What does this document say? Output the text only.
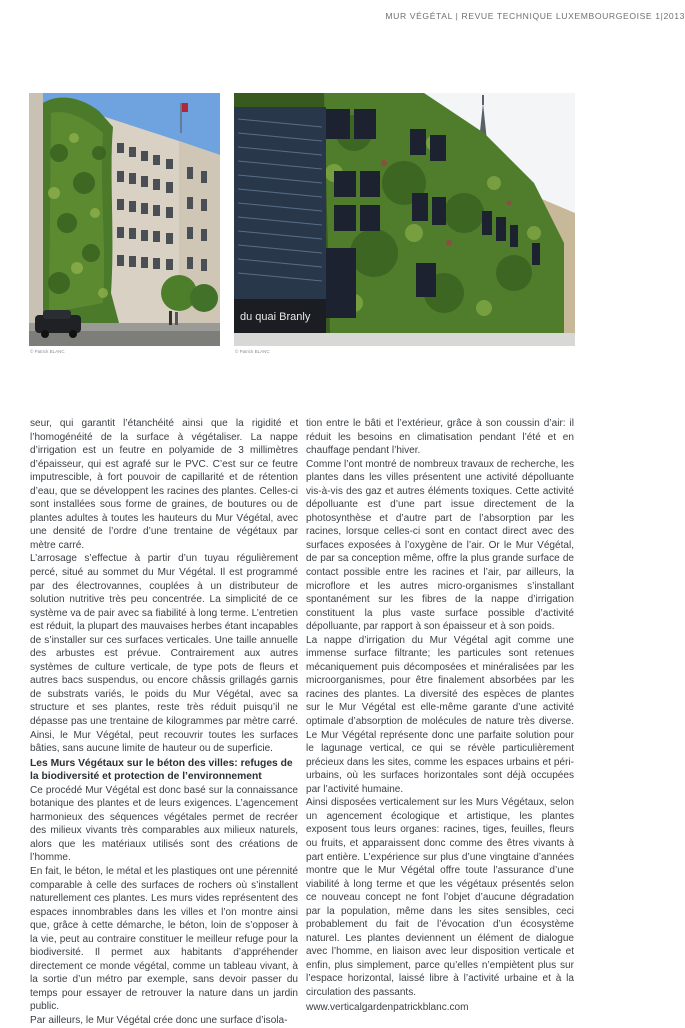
MUR VÉGÉTAL | REVUE TECHNIQUE LUXEMBOURGEOISE 1|2013
© Patrick BLANC
du quai Branly
© Patrick BLANC

seur, qui garantit l’étanchéité ainsi que la rigidité et l’homogénéité de la surface à végétaliser. La nappe d’irrigation est un feutre en polyamide de 3 millimètres d’épaisseur, qui est agrafé sur le PVC. C’est sur ce feutre imputrescible, à fort pouvoir de capillarité et de rétention d’eau, que se développent les racines des plantes. Celles-ci sont installées sous forme de graines, de boutures ou de plantes adultes à toutes les hauteurs du Mur Végétal, avec une densité de l’ordre d’une trentaine de végétaux par mètre carré.

L’arrosage s’effectue à partir d’un tuyau régulièrement percé, situé au sommet du Mur Végétal. Il est programmé par des électrovannes, couplées à un distributeur de solution nutritive très peu concentrée. La simplicité de ce système va de pair avec sa fiabilité à long terme. L’entretien est réduit, la plupart des mauvaises herbes étant incapables de s’installer sur ces surfaces verticales. Une taille annuelle des arbustes est prévue. Contrairement aux autres systèmes de culture verticale, de type pots de fleurs et autres bacs suspendus, ou encore châssis grillagés garnis de substrats variés, le poids du Mur Végétal, avec sa structure et ses plantes, reste très réduit puisqu’il ne dépasse pas une trentaine de kilogrammes par mètre carré. Ainsi, le Mur Végétal, peut recouvrir toutes les surfaces bâties, sans aucune limite de hauteur ou de superficie.

Les Murs Végétaux sur le béton des villes: refuges de la biodiversité et protection de l’environnement

Ce procédé Mur Végétal est donc basé sur la connaissance botanique des plantes et de leurs exigences. L’agencement harmonieux des séquences végétales permet de recréer des milieux vivants très comparables aux milieux naturels, alors que les matériaux utilisés sont des créations de l’homme.

En fait, le béton, le métal et les plastiques ont une pérennité comparable à celle des surfaces de rochers où s’installent naturellement ces plantes. Les murs vides représentent des espaces innombrables dans les villes et l’on montre ainsi que, grâce à cette démarche, le béton, loin de s’opposer à la vie, peut au contraire constituer le meilleur refuge pour la biodiversité. Il permet aux habitants d’appréhender directement ce monde végétal, comme un tableau vivant, à la sortie d’un métro par exemple, sans devoir passer du temps pour essayer de retrouver la nature dans un jardin public.

Par ailleurs, le Mur Végétal crée donc une surface d’isola-

tion entre le bâti et l’extérieur, grâce à son coussin d’air: il réduit les besoins en climatisation pendant l’été et en chauffage pendant l’hiver.

Comme l’ont montré de nombreux travaux de recherche, les plantes dans les villes présentent une activité dépolluante vis-à-vis des gaz et autres éléments toxiques. Cette activité dépolluante est d’une part issue directement de la photosynthèse et d’autre part de l’absorption par les racines, lorsque celles-ci sont en contact direct avec des surfaces exposées à l’oxygène de l’air. Or le Mur Végétal, de par sa conception même, offre la plus grande surface de contact possible entre les racines et l’air, par ailleurs, la microflore et les autres micro-organismes s’installant spontanément sur les fibres de la nappe d’irrigation constituent la plus vaste surface possible d’activité dépolluante, par rapport à son épaisseur et à son poids.

La nappe d’irrigation du Mur Végétal agit comme une immense surface filtrante; les particules sont retenues mécaniquement puis décomposées et minéralisées par les microorganismes, pour être finalement absorbées par les racines des plantes. La diversité des espèces de plantes sur le Mur Végétal est elle-même garante d’une activité optimale d’absorption de molécules de nature très diverse. Le Mur Végétal représente donc une parfaite solution pour le lagunage vertical, ce qui se révèle particulièrement précieux dans les sites, comme les espaces urbains et péri-urbains, où les surfaces horizontales sont déjà occupées par l’activité humaine.

Ainsi disposées verticalement sur les Murs Végétaux, selon un agencement écologique et artistique, les plantes exposent tous leurs organes: racines, tiges, feuilles, fleurs ou fruits, et apparaissent donc comme des êtres vivants à part entière. L’expérience sur plus d’une vingtaine d’années montre que le Mur Végétal offre toute l’assurance d’une viabilité à long terme et que les végétaux présentés selon ce nouveau concept ne font l’objet d’aucune dégradation par la population, même dans les sites sensibles, ceci probablement du fait de l’évocation d’un écosystème naturel. Les plantes deviennent un élément de dialogue avec l’homme, en liaison avec leur disposition verticale et enfin, plus simplement, parce qu’elles n’empiètent plus sur l’espace horizontal, laissé libre à l’activité urbaine et à la circulation des passants.

www.verticalgardenpatrickblanc.com
